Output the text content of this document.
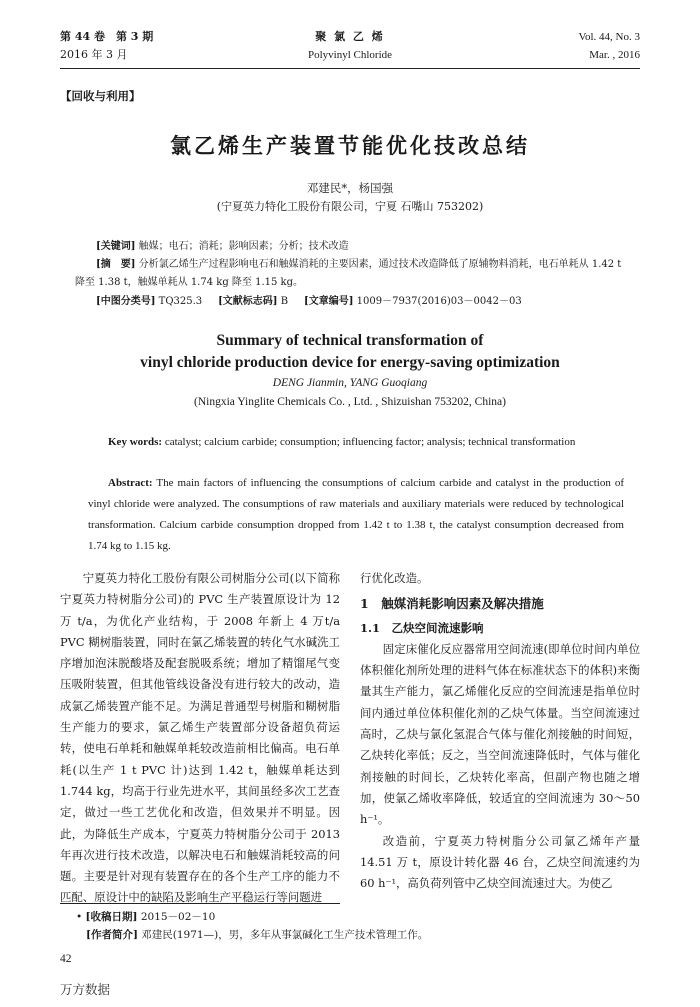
第 44 卷　第 3 期
2016 年 3 月
聚 氯 乙 烯
Polyvinyl Chloride
Vol. 44, No. 3
Mar. , 2016
【回收与利用】
氯乙烯生产装置节能优化技改总结
邓建民*，杨国强
(宁夏英力特化工股份有限公司，宁夏 石嘴山 753202)
[关键词] 触媒；电石；消耗；影响因素；分析；技术改造
[摘　要] 分析氯乙烯生产过程影响电石和触媒消耗的主要因素，通过技术改造降低了原辅物料消耗，电石单耗从 1.42 t 降至 1.38 t，触媒单耗从 1.74 kg 降至 1.15 kg。
[中图分类号] TQ325.3 [文献标志码] B [文章编号] 1009－7937(2016)03－0042－03
Summary of technical transformation of
vinyl chloride production device for energy-saving optimization
DENG Jianmin, YANG Guoqiang
(Ningxia Yinglite Chemicals Co. , Ltd. , Shizuishan 753202, China)
Key words: catalyst; calcium carbide; consumption; influencing factor; analysis; technical transformation
Abstract: The main factors of influencing the consumptions of calcium carbide and catalyst in the production of vinyl chloride were analyzed. The consumptions of raw materials and auxiliary materials were reduced by technological transformation. Calcium carbide consumption dropped from 1.42 t to 1.38 t, the catalyst consumption decreased from 1.74 kg to 1.15 kg.

宁夏英力特化工股份有限公司树脂分公司(以下简称宁夏英力特树脂分公司)的 PVC 生产装置原设计为 12 万 t/a，为优化产业结构，于 2008 年新上 4 万t/a PVC 糊树脂装置，同时在氯乙烯装置的转化气水碱洗工序增加泡沫脱酸塔及配套脱吸系统；增加了精馏尾气变压吸附装置，但其他管线设备没有进行较大的改动，造成氯乙烯装置产能不足。为满足普通型号树脂和糊树脂生产能力的要求，氯乙烯生产装置部分设备超负荷运转，使电石单耗和触媒单耗较改造前相比偏高。电石单耗(以生产 1 t PVC 计)达到 1.42 t，触媒单耗达到 1.744 kg，均高于行业先进水平，其间虽经多次工艺查定，做过一些工艺优化和改造，但效果并不明显。因此，为降低生产成本，宁夏英力特树脂分公司于 2013 年再次进行技术改造，以解决电石和触媒消耗较高的问题。主要是针对现有装置存在的各个生产工序的能力不匹配、原设计中的缺陷及影响生产平稳运行等问题进

行优化改造。
1　触媒消耗影响因素及解决措施
1.1　乙炔空间流速影响

固定床催化反应器常用空间流速(即单位时间内单位体积催化剂所处理的进料气体在标准状态下的体积)来衡量其生产能力，氯乙烯催化反应的空间流速是指单位时间内通过单位体积催化剂的乙炔气体量。当空间流速过高时，乙炔与氯化氢混合气体与催化剂接触的时间短，乙炔转化率低；反之，当空间流速降低时，气体与催化剂接触的时间长，乙炔转化率高，但副产物也随之增加，使氯乙烯收率降低，较适宜的空间流速为 30～50 h⁻¹。

改造前，宁夏英力特树脂分公司氯乙烯年产量 14.51 万 t，原设计转化器 46 台，乙炔空间流速约为 60 h⁻¹，高负荷列管中乙炔空间流速过大。为使乙

• [收稿日期] 2015－02－10
[作者简介] 邓建民(1971—)，男，多年从事氯碱化工生产技术管理工作。
42
万方数据
